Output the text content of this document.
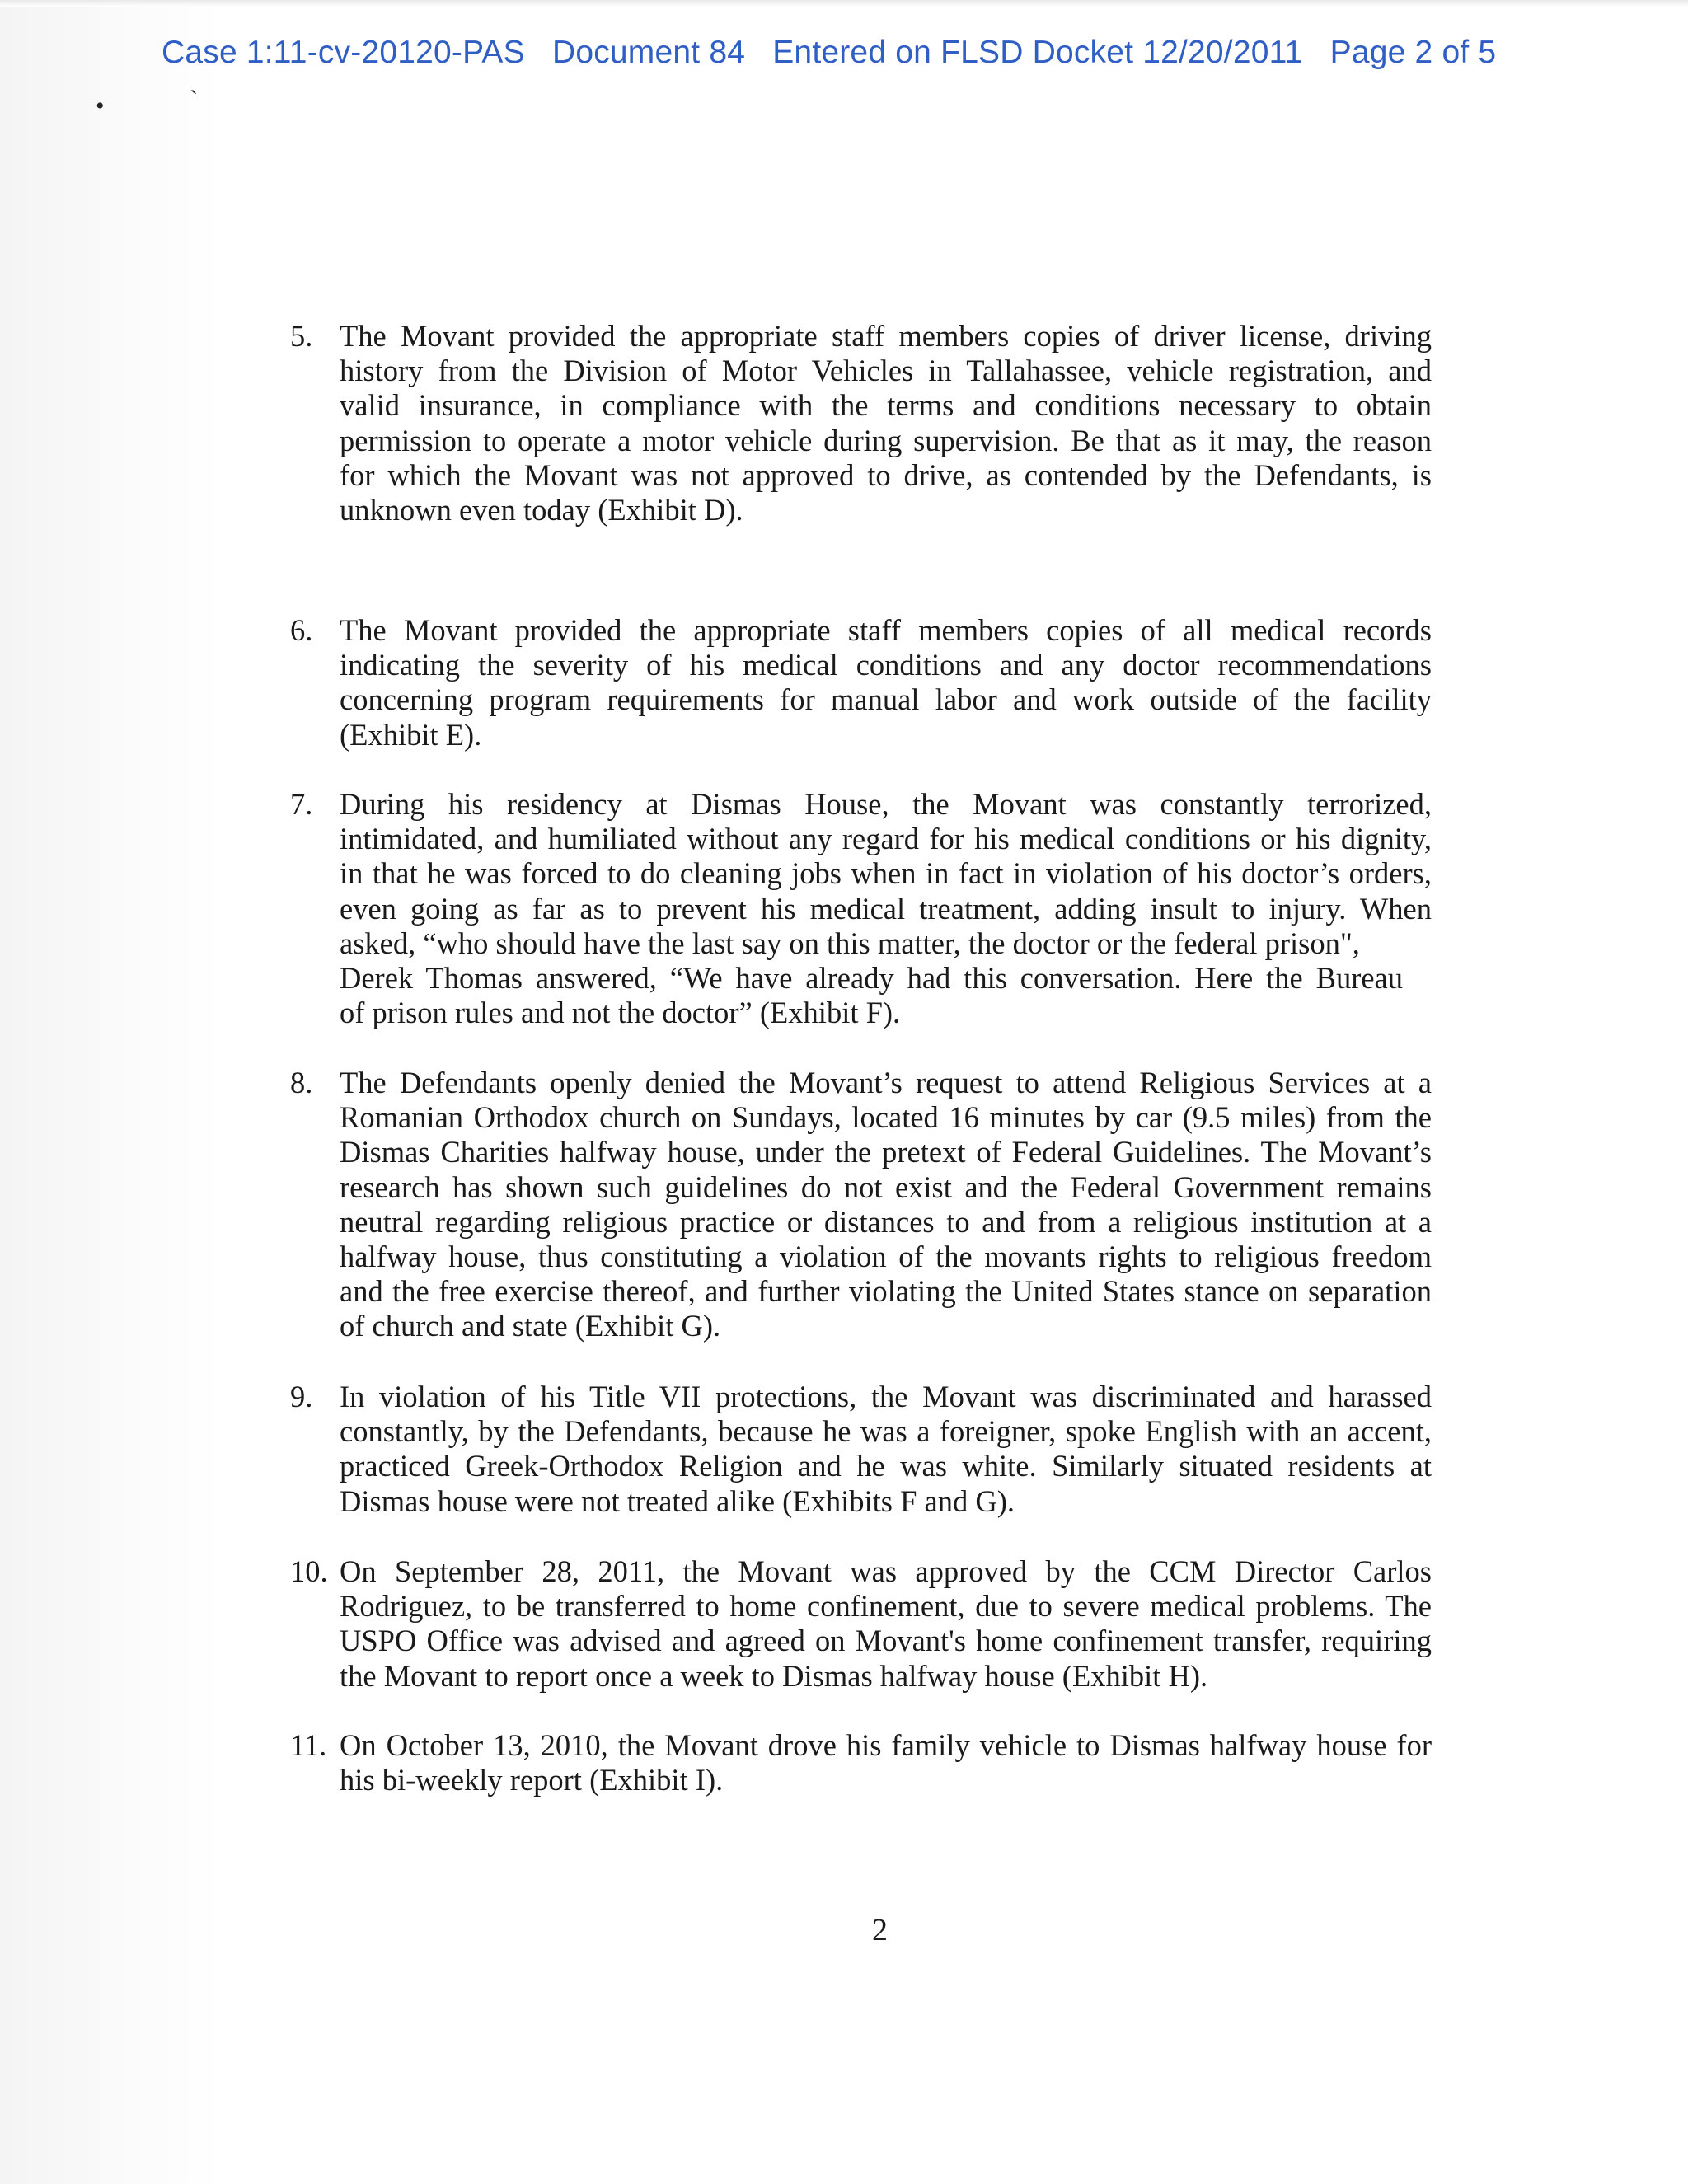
Case 1:11-cv-20120-PAS   Document 84   Entered on FLSD Docket 12/20/2011   Page 2 of 5
•	`
5. The Movant provided the appropriate staff members copies of driver license, driving
history from the Division of Motor Vehicles in Tallahassee, vehicle registration, and
valid insurance, in compliance with the terms and conditions necessary to obtain
permission to operate a motor vehicle during supervision. Be that as it may, the reason
for which the Movant was not approved to drive, as contended by the Defendants, is
unknown even today (Exhibit D).
6. The Movant provided the appropriate staff members copies of all medical records
indicating the severity of his medical conditions and any doctor recommendations
concerning program requirements for manual labor and work outside of the facility
(Exhibit E).
7. During his residency at Dismas House, the Movant was constantly terrorized,
intimidated, and humiliated without any regard for his medical conditions or his dignity,
in that he was forced to do cleaning jobs when in fact in violation of his doctor’s orders,
even going as far as to prevent his medical treatment, adding insult to injury. When
asked, “who should have the last say on this matter, the doctor or the federal prison",
Derek Thomas answered, “We have already had this conversation. Here the Bureau
of prison rules and not the doctor” (Exhibit F).
8. The Defendants openly denied the Movant’s request to attend Religious Services at a
Romanian Orthodox church on Sundays, located 16 minutes by car (9.5 miles) from the
Dismas Charities halfway house, under the pretext of Federal Guidelines. The Movant’s
research has shown such guidelines do not exist and the Federal Government remains
neutral regarding religious practice or distances to and from a religious institution at a
halfway house, thus constituting a violation of the movants rights to religious freedom
and the free exercise thereof, and further violating the United States stance on separation
of church and state (Exhibit G).
9. In violation of his Title VII protections, the Movant was discriminated and harassed
constantly, by the Defendants, because he was a foreigner, spoke English with an accent,
practiced Greek-Orthodox Religion and he was white. Similarly situated residents at
Dismas house were not treated alike (Exhibits F and G).
10. On September 28, 2011, the Movant was approved by the CCM Director Carlos
Rodriguez, to be transferred to home confinement, due to severe medical problems. The
USPO Office was advised and agreed on Movant's home confinement transfer, requiring
the Movant to report once a week to Dismas halfway house (Exhibit H).
11. On October 13, 2010, the Movant drove his family vehicle to Dismas halfway house for
his bi-weekly report (Exhibit I).
2
